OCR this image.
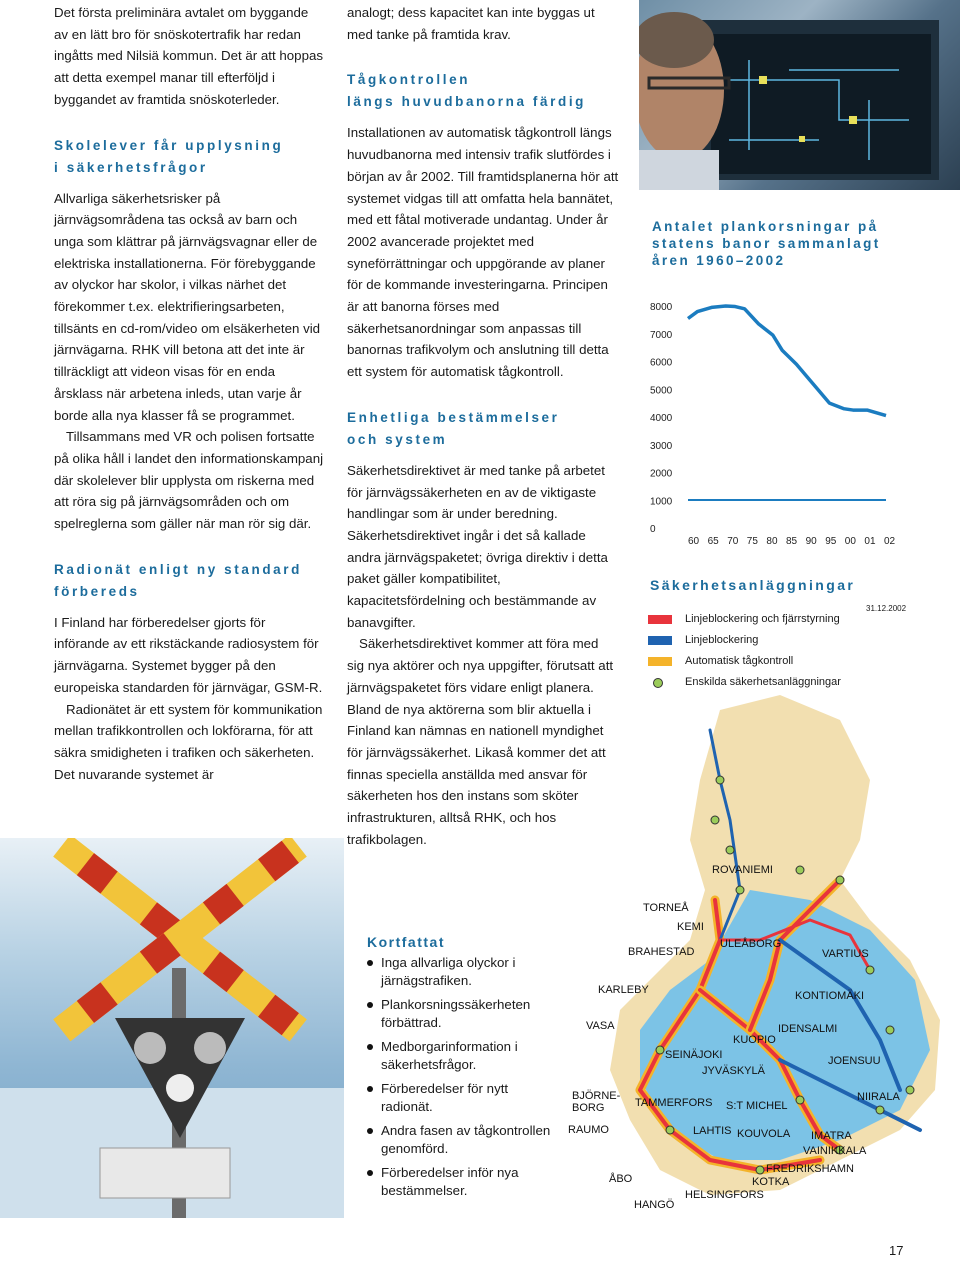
Det första preliminära avtalet om byggande av en lätt bro för snöskotertrafik har redan ingåtts med Nilsiä kommun. Det är att hoppas att detta exempel manar till efterföljd i byggandet av framtida snöskoterleder.

Skolelever får upplysning
i säkerhetsfrågor

Allvarliga säkerhetsrisker på järnvägsområdena tas också av barn och unga som klättrar på järnvägsvagnar eller de elektriska installationerna. För förebyggande av olyckor har skolor, i vilkas närhet det förekommer t.ex. elektrifieringsarbeten, tillsänts en cd-rom/video om elsäkerheten vid järnvägarna. RHK vill betona att det inte är tillräckligt att videon visas för en enda årsklass när arbetena inleds, utan varje år borde alla nya klasser få se programmet.

Tillsammans med VR och polisen fortsatte på olika håll i landet den informationskampanj där skolelever blir upplysta om riskerna med att röra sig på järnvägsområden och om spelreglerna som gäller när man rör sig där.

Radionät enligt ny standard
förbereds

I Finland har förberedelser gjorts för införande av ett rikstäckande radiosystem för järnvägarna. Systemet bygger på den europeiska standarden för järnvägar, GSM-R.

Radionätet är ett system för kommunikation mellan trafikkontrollen och lokförarna, för att säkra smidigheten i trafiken och säkerheten. Det nuvarande systemet är

analogt; dess kapacitet kan inte byggas ut med tanke på framtida krav.

Tågkontrollen
längs huvudbanorna färdig

Installationen av automatisk tågkontroll längs huvudbanorna med intensiv trafik slutfördes i början av år 2002. Till framtidsplanerna hör att systemet vidgas till att omfatta hela bannätet, med ett fåtal motiverade undantag. Under år 2002 avancerade projektet med syneförrättningar och uppgörande av planer för de kommande investeringarna. Principen är att banorna förses med säkerhetsanordningar som anpassas till banornas trafikvolym och anslutning till detta ett system för automatisk tågkontroll.

Enhetliga bestämmelser
och system

Säkerhetsdirektivet är med tanke på arbetet för järnvägssäkerheten en av de viktigaste handlingar som är under beredning. Säkerhetsdirektivet ingår i det så kallade andra järnvägspaketet; övriga direktiv i detta paket gäller kompatibilitet, kapacitetsfördelning och bestämmande av banavgifter.

Säkerhetsdirektivet kommer att föra med sig nya aktörer och nya uppgifter, förutsatt att järnvägspaketet förs vidare enligt planera. Bland de nya aktörerna som blir aktuella i Finland kan nämnas en nationell myndighet för järnvägssäkerhet. Likaså kommer det att finnas speciella anställda med ansvar för säkerheten hos den instans som sköter infrastrukturen, alltså RHK, och hos trafikbolagen.

Antalet plankorsningar på
statens banor sammanlagt
åren 1960–2002
8000
7000
6000
5000
4000
3000
2000
1000
0
60 65 70 75 80 85 90 95 00 01 02
Säkerhetsanläggningar
31.12.2002
Linjeblockering och fjärrstyrning
Linjeblockering
Automatisk tågkontroll
Enskilda säkerhetsanläggningar
ROVANIEMI
TORNEÅ
KEMI
BRAHESTAD
ULEÅBORG
VARTIUS
KARLEBY	KONTIOMÄKI
VASA	IDENSALMI
KUOPIO
SEINÄJOKI	JOENSUU
JYVÄSKYLÄ
BJÖRNE-
BORG	TAMMERFORS S:T MICHEL
NIIRALA
RAUMO	LAHTIS KOUVOLA IMATRA
VAINIKKALA
FREDRIKSHAMN
ÅBO	KOTKA
HELSINGFORS
HANGÖ
Kortfattat
Inga allvarliga olyckor i järnägstrafiken.
Plankorsningssäkerheten förbättrad.
Medborgarinformation i säkerhetsfrågor.
Förberedelser för nytt radionät.
Andra fasen av tågkontrollen genomförd.
Förberedelser inför nya bestämmelser.
17
